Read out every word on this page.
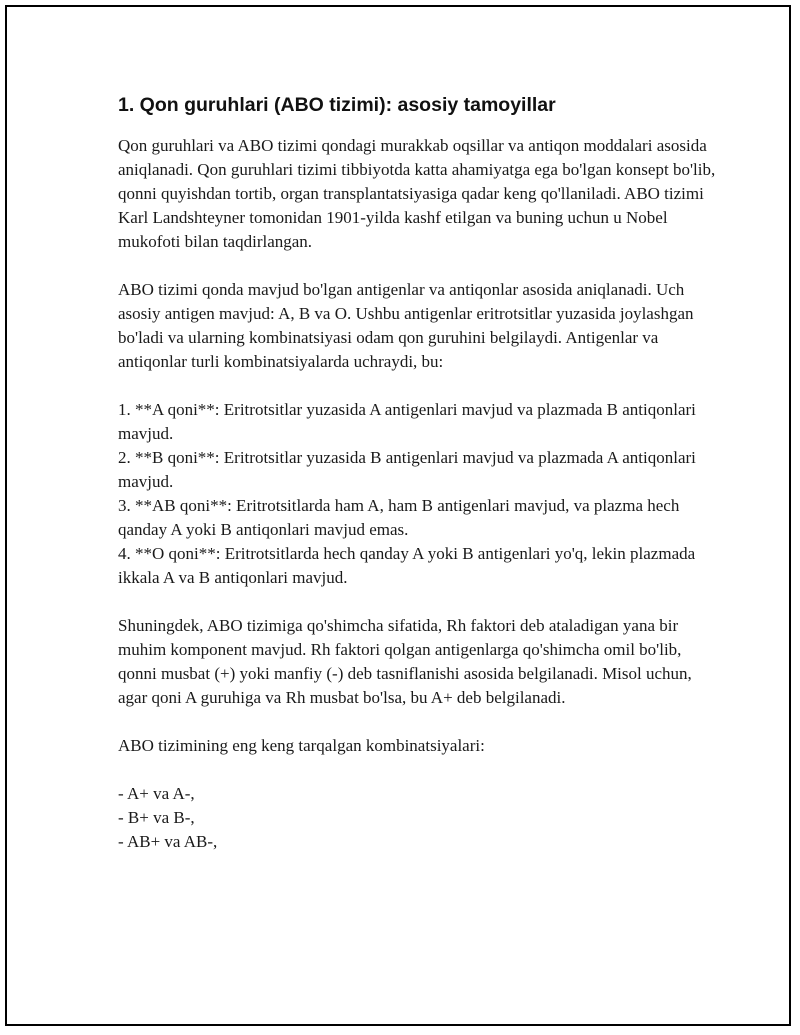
1. Qon guruhlari (ABO tizimi): asosiy tamoyillar

Qon guruhlari va ABO tizimi qondagi murakkab oqsillar va antiqon moddalari asosida aniqlanadi. Qon guruhlari tizimi tibbiyotda katta ahamiyatga ega bo'lgan konsept bo'lib, qonni quyishdan tortib, organ transplantatsiyasiga qadar keng qo'llaniladi. ABO tizimi Karl Landshteyner tomonidan 1901-yilda kashf etilgan va buning uchun u Nobel mukofoti bilan taqdirlangan.

ABO tizimi qonda mavjud bo'lgan antigenlar va antiqonlar asosida aniqlanadi. Uch asosiy antigen mavjud: A, B va O. Ushbu antigenlar eritrotsitlar yuzasida joylashgan bo'ladi va ularning kombinatsiyasi odam qon guruhini belgilaydi. Antigenlar va antiqonlar turli kombinatsiyalarda uchraydi, bu:

1. **A qoni**: Eritrotsitlar yuzasida A antigenlari mavjud va plazmada B antiqonlari mavjud.

2. **B qoni**: Eritrotsitlar yuzasida B antigenlari mavjud va plazmada A antiqonlari mavjud.

3. **AB qoni**: Eritrotsitlarda ham A, ham B antigenlari mavjud, va plazma hech qanday A yoki B antiqonlari mavjud emas.

4. **O qoni**: Eritrotsitlarda hech qanday A yoki B antigenlari yo'q, lekin plazmada ikkala A va B antiqonlari mavjud.

Shuningdek, ABO tizimiga qo'shimcha sifatida, Rh faktori deb ataladigan yana bir muhim komponent mavjud. Rh faktori qolgan antigenlarga qo'shimcha omil bo'lib, qonni musbat (+) yoki manfiy (-) deb tasniflanishi asosida belgilanadi. Misol uchun, agar qoni A guruhiga va Rh musbat bo'lsa, bu A+ deb belgilanadi.

ABO tizimining eng keng tarqalgan kombinatsiyalari:

- A+ va A-,

- B+ va B-,

- AB+ va AB-,
